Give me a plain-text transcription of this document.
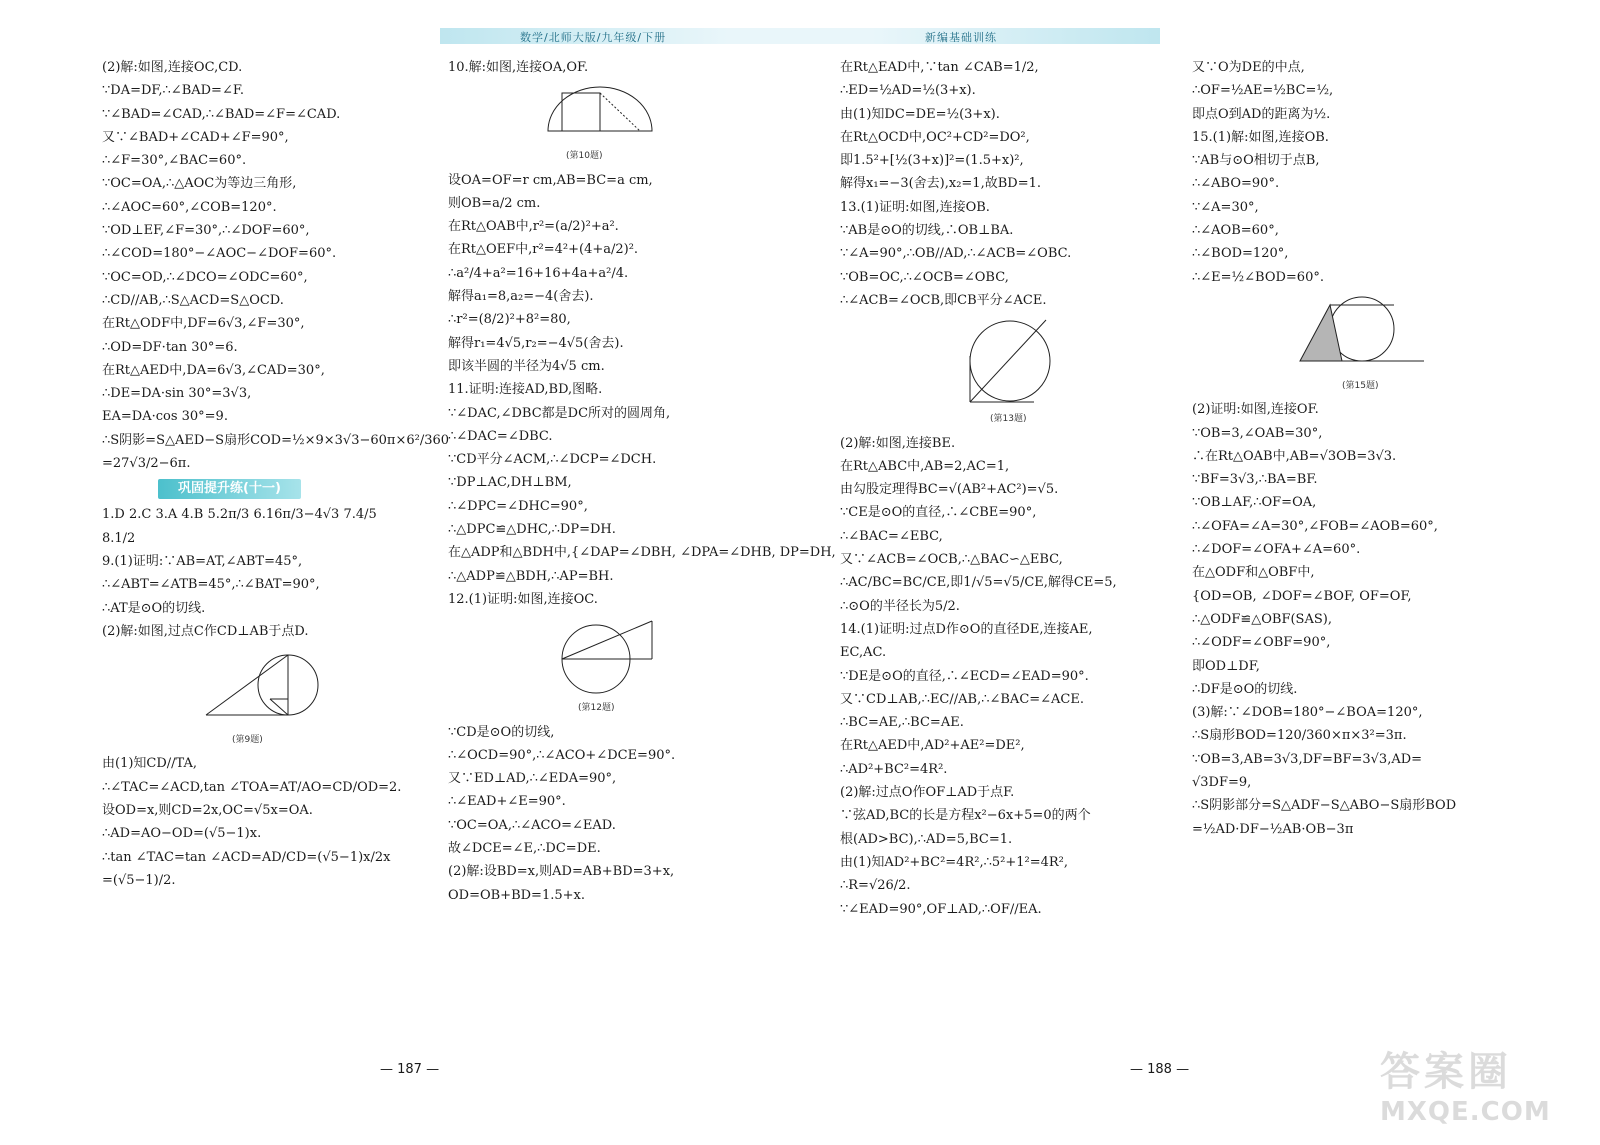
数学/北师大版/九年级/下册	新编基础训练
(2)解:如图,连接OC,CD.
∵DA=DF,∴∠BAD=∠F.
∵∠BAD=∠CAD,∴∠BAD=∠F=∠CAD.
又∵∠BAD+∠CAD+∠F=90°,
∴∠F=30°,∠BAC=60°.
∵OC=OA,∴△AOC为等边三角形,
∴∠AOC=60°,∠COB=120°.
∵OD⊥EF,∠F=30°,∴∠DOF=60°,
∴∠COD=180°−∠AOC−∠DOF=60°.
∵OC=OD,∴∠DCO=∠ODC=60°,
∴CD//AB,∴S△ACD=S△OCD.
在Rt△ODF中,DF=6√3,∠F=30°,
∴OD=DF·tan 30°=6.
在Rt△AED中,DA=6√3,∠CAD=30°,
∴DE=DA·sin 30°=3√3,
EA=DA·cos 30°=9.
∴S阴影=S△AED−S扇形COD=½×9×3√3−60π×6²/360
=27√3/2−6π.
巩固提升练(十一)
1.D 2.C 3.A 4.B 5.2π/3 6.16π/3−4√3 7.4/5
8.1/2
9.(1)证明:∵AB=AT,∠ABT=45°,
∴∠ABT=∠ATB=45°,∴∠BAT=90°,
∴AT是⊙O的切线.
(2)解:如图,过点C作CD⊥AB于点D.
(第9题)
由(1)知CD//TA,
∴∠TAC=∠ACD,tan ∠TOA=AT/AO=CD/OD=2.
设OD=x,则CD=2x,OC=√5x=OA.
∴AD=AO−OD=(√5−1)x.
∴tan ∠TAC=tan ∠ACD=AD/CD=(√5−1)x/2x
=(√5−1)/2.
10.解:如图,连接OA,OF.
(第10题)
设OA=OF=r cm,AB=BC=a cm,
则OB=a/2 cm.
在Rt△OAB中,r²=(a/2)²+a².
在Rt△OEF中,r²=4²+(4+a/2)².
∴a²/4+a²=16+16+4a+a²/4.
解得a₁=8,a₂=−4(舍去).
∴r²=(8/2)²+8²=80,
解得r₁=4√5,r₂=−4√5(舍去).
即该半圆的半径为4√5 cm.
11.证明:连接AD,BD,图略.
∵∠DAC,∠DBC都是DC所对的圆周角,
∴∠DAC=∠DBC.
∵CD平分∠ACM,∴∠DCP=∠DCH.
∵DP⊥AC,DH⊥BM,
∴∠DPC=∠DHC=90°,
∴△DPC≌△DHC,∴DP=DH.
在△ADP和△BDH中,{∠DAP=∠DBH, ∠DPA=∠DHB, DP=DH,
∴△ADP≌△BDH,∴AP=BH.
12.(1)证明:如图,连接OC.
(第12题)
∵CD是⊙O的切线,
∴∠OCD=90°,∴∠ACO+∠DCE=90°.
又∵ED⊥AD,∴∠EDA=90°,
∴∠EAD+∠E=90°.
∵OC=OA,∴∠ACO=∠EAD.
故∠DCE=∠E,∴DC=DE.
(2)解:设BD=x,则AD=AB+BD=3+x,
OD=OB+BD=1.5+x.
在Rt△EAD中,∵tan ∠CAB=1/2,
∴ED=½AD=½(3+x).
由(1)知DC=DE=½(3+x).
在Rt△OCD中,OC²+CD²=DO²,
即1.5²+[½(3+x)]²=(1.5+x)²,
解得x₁=−3(舍去),x₂=1,故BD=1.
13.(1)证明:如图,连接OB.
∵AB是⊙O的切线,∴OB⊥BA.
∵∠A=90°,∴OB//AD,∴∠ACB=∠OBC.
∵OB=OC,∴∠OCB=∠OBC,
∴∠ACB=∠OCB,即CB平分∠ACE.
(第13题)
(2)解:如图,连接BE.
在Rt△ABC中,AB=2,AC=1,
由勾股定理得BC=√(AB²+AC²)=√5.
∵CE是⊙O的直径,∴∠CBE=90°,
∴∠BAC=∠EBC,
又∵∠ACB=∠OCB,∴△BAC∽△EBC,
∴AC/BC=BC/CE,即1/√5=√5/CE,解得CE=5,
∴⊙O的半径长为5/2.
14.(1)证明:过点D作⊙O的直径DE,连接AE,
EC,AC.
∵DE是⊙O的直径,∴∠ECD=∠EAD=90°.
又∵CD⊥AB,∴EC//AB,∴∠BAC=∠ACE.
∴BC=AE,∴BC=AE.
在Rt△AED中,AD²+AE²=DE²,
∴AD²+BC²=4R².
(2)解:过点O作OF⊥AD于点F.
∵弦AD,BC的长是方程x²−6x+5=0的两个
根(AD>BC),∴AD=5,BC=1.
由(1)知AD²+BC²=4R²,∴5²+1²=4R²,
∴R=√26/2.
∵∠EAD=90°,OF⊥AD,∴OF//EA.
又∵O为DE的中点,
∴OF=½AE=½BC=½,
即点O到AD的距离为½.
15.(1)解:如图,连接OB.
∵AB与⊙O相切于点B,
∴∠ABO=90°.
∵∠A=30°,
∴∠AOB=60°,
∴∠BOD=120°,
∴∠E=½∠BOD=60°.
(第15题)
(2)证明:如图,连接OF.
∵OB=3,∠OAB=30°,
∴在Rt△OAB中,AB=√3OB=3√3.
∵BF=3√3,∴BA=BF.
∵OB⊥AF,∴OF=OA,
∴∠OFA=∠A=30°,∠FOB=∠AOB=60°,
∴∠DOF=∠OFA+∠A=60°.
在△ODF和△OBF中,
{OD=OB, ∠DOF=∠BOF, OF=OF,
∴△ODF≌△OBF(SAS),
∴∠ODF=∠OBF=90°,
即OD⊥DF,
∴DF是⊙O的切线.
(3)解:∵∠DOB=180°−∠BOA=120°,
∴S扇形BOD=120/360×π×3²=3π.
∵OB=3,AB=3√3,DF=BF=3√3,AD=
√3DF=9,
∴S阴影部分=S△ADF−S△ABO−S扇形BOD
=½AD·DF−½AB·OB−3π
— 187 —	— 188 —	答案圈
MXQE.COM
